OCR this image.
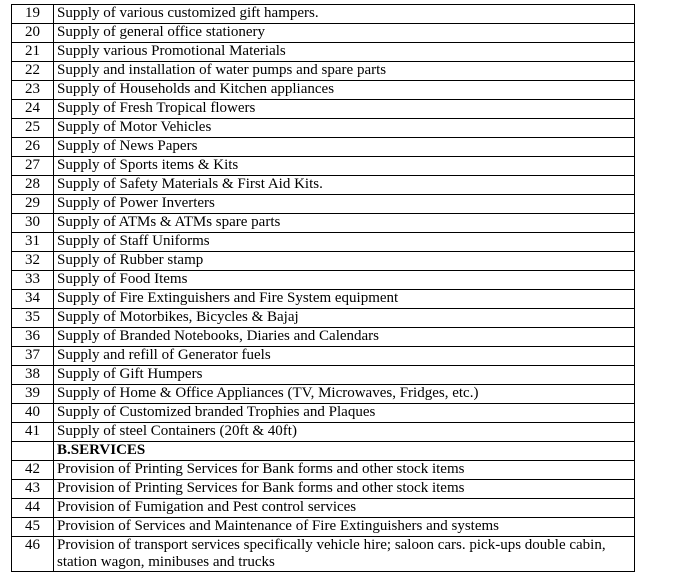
19	Supply of various customized gift hampers.
20	Supply of general office stationery
21	Supply various Promotional Materials
22	Supply and installation of water pumps and spare parts
23	Supply of Households and Kitchen appliances
24	Supply of Fresh Tropical flowers
25	Supply of Motor Vehicles
26	Supply of News Papers
27	Supply of Sports items & Kits
28	Supply of Safety Materials & First Aid Kits.
29	Supply of Power Inverters
30	Supply of ATMs & ATMs spare parts
31	Supply of Staff Uniforms
32	Supply of Rubber stamp
33	Supply of Food Items
34	Supply of Fire Extinguishers and Fire System equipment
35	Supply of Motorbikes, Bicycles & Bajaj
36	Supply of Branded Notebooks, Diaries and Calendars
37	Supply and refill of Generator fuels
38	Supply of Gift Humpers
39	Supply of Home & Office Appliances (TV, Microwaves, Fridges, etc.)
40	Supply of Customized branded Trophies and Plaques
41	Supply of steel Containers (20ft & 40ft)
	B.SERVICES
42	Provision of Printing Services for Bank forms and other stock items
43	Provision of Printing Services for Bank forms and other stock items
44	Provision of Fumigation and Pest control services
45	Provision of Services and Maintenance of Fire Extinguishers and systems
46	Provision of transport services specifically vehicle hire; saloon cars. pick-ups double cabin, station wagon, minibuses and trucks
